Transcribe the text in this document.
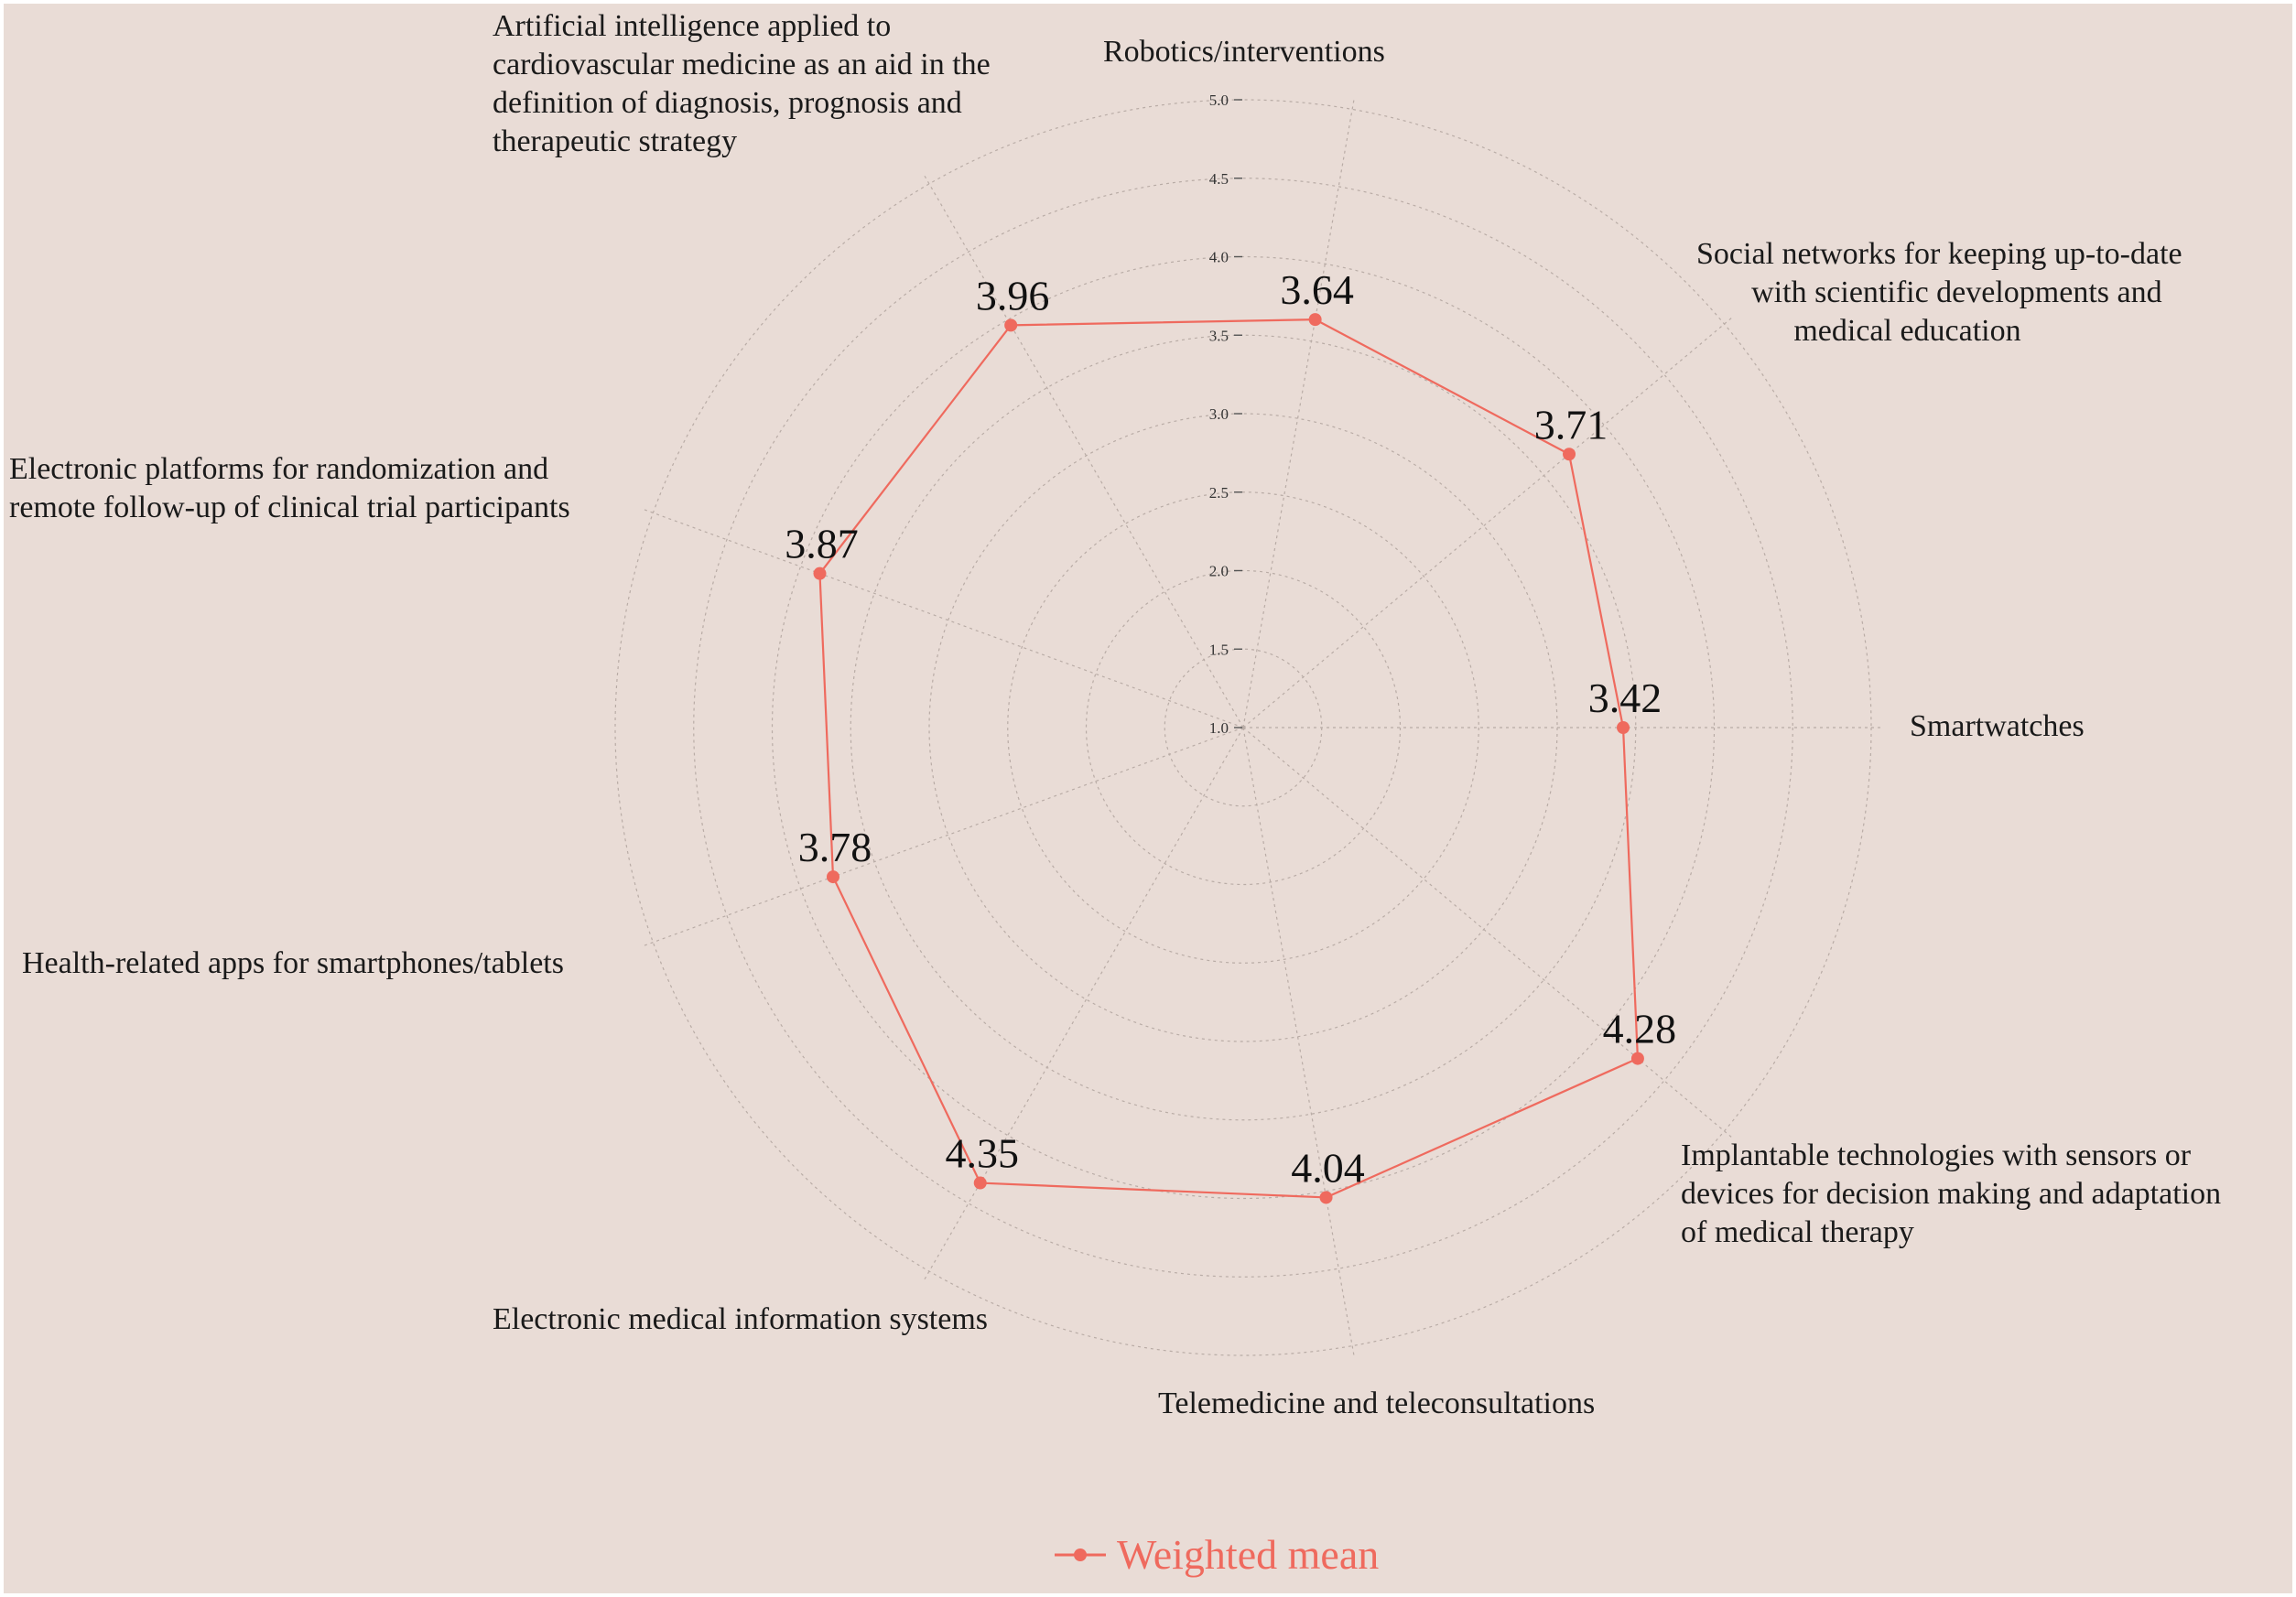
1.0
1.5
2.0
2.5
3.0
3.5
4.0
4.5
5.0
3.64
3.71
3.42
4.28
4.04
4.35
3.78
3.87
3.96
Robotics/interventions
Social networks for keeping up-to-date
with scientific developments and
medical education
Smartwatches
Implantable technologies with sensors or
devices for decision making and adaptation
of medical therapy
Telemedicine and teleconsultations
Electronic medical information systems
Health-related apps for smartphones/tablets
Electronic platforms for randomization and
remote follow-up of clinical trial participants
Artificial intelligence applied to
cardiovascular medicine as an aid in the
definition of diagnosis, prognosis and
therapeutic strategy
Weighted mean
